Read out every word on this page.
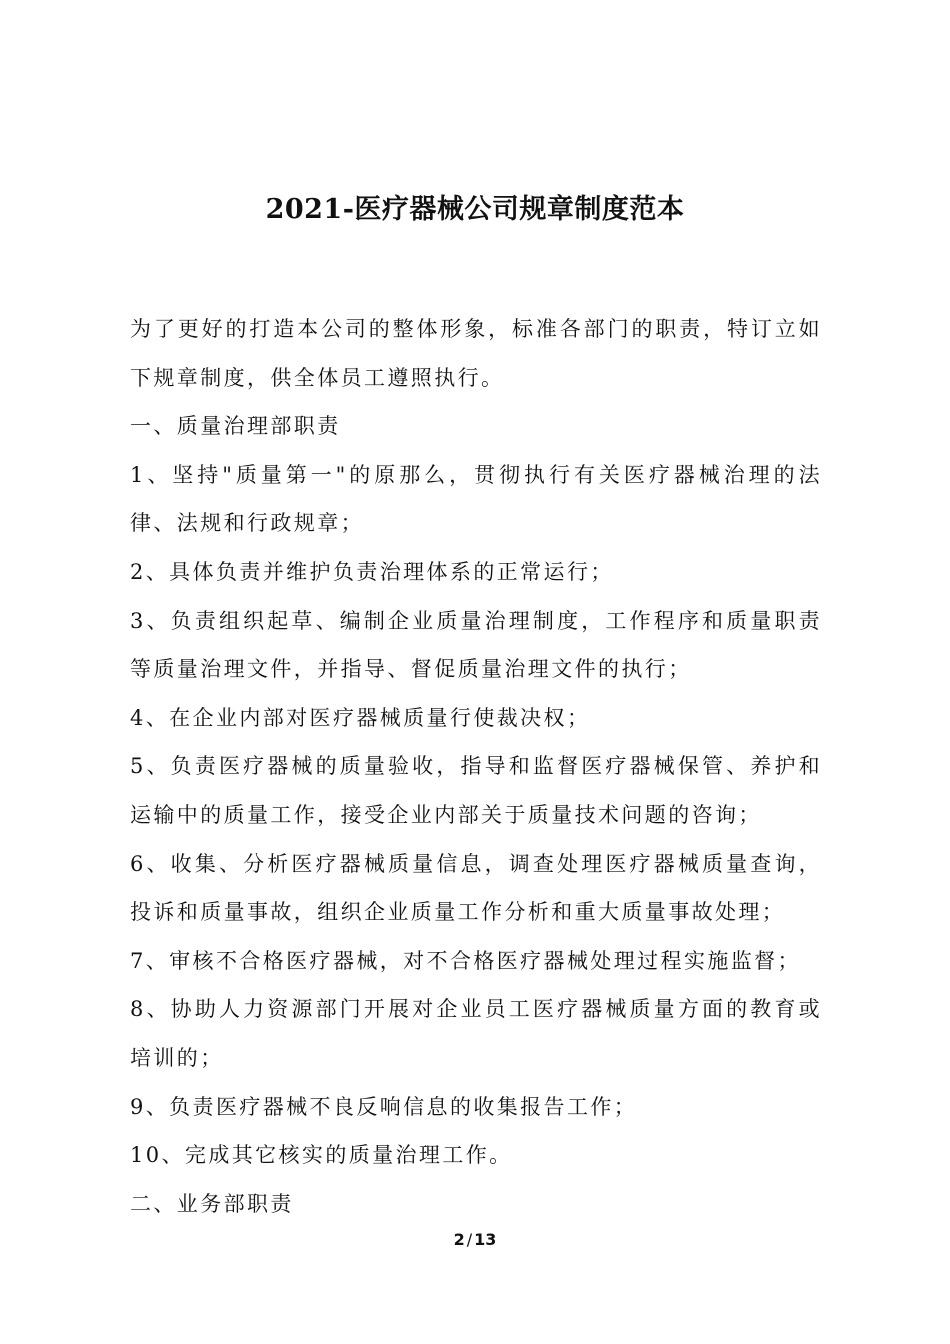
2021-医疗器械公司规章制度范本

为了更好的打造本公司的整体形象，标准各部门的职责，特订立如下规章制度，供全体员工遵照执行。

一、质量治理部职责

1、坚持"质量第一"的原那么，贯彻执行有关医疗器械治理的法律、法规和行政规章；

2、具体负责并维护负责治理体系的正常运行；

3、负责组织起草、编制企业质量治理制度，工作程序和质量职责等质量治理文件，并指导、督促质量治理文件的执行；

4、在企业内部对医疗器械质量行使裁决权；

5、负责医疗器械的质量验收，指导和监督医疗器械保管、养护和运输中的质量工作，接受企业内部关于质量技术问题的咨询；

6、收集、分析医疗器械质量信息，调查处理医疗器械质量查询，投诉和质量事故，组织企业质量工作分析和重大质量事故处理；

7、审核不合格医疗器械，对不合格医疗器械处理过程实施监督；

8、协助人力资源部门开展对企业员工医疗器械质量方面的教育或培训的；

9、负责医疗器械不良反响信息的收集报告工作；

10、完成其它核实的质量治理工作。

二、业务部职责

2 / 13
